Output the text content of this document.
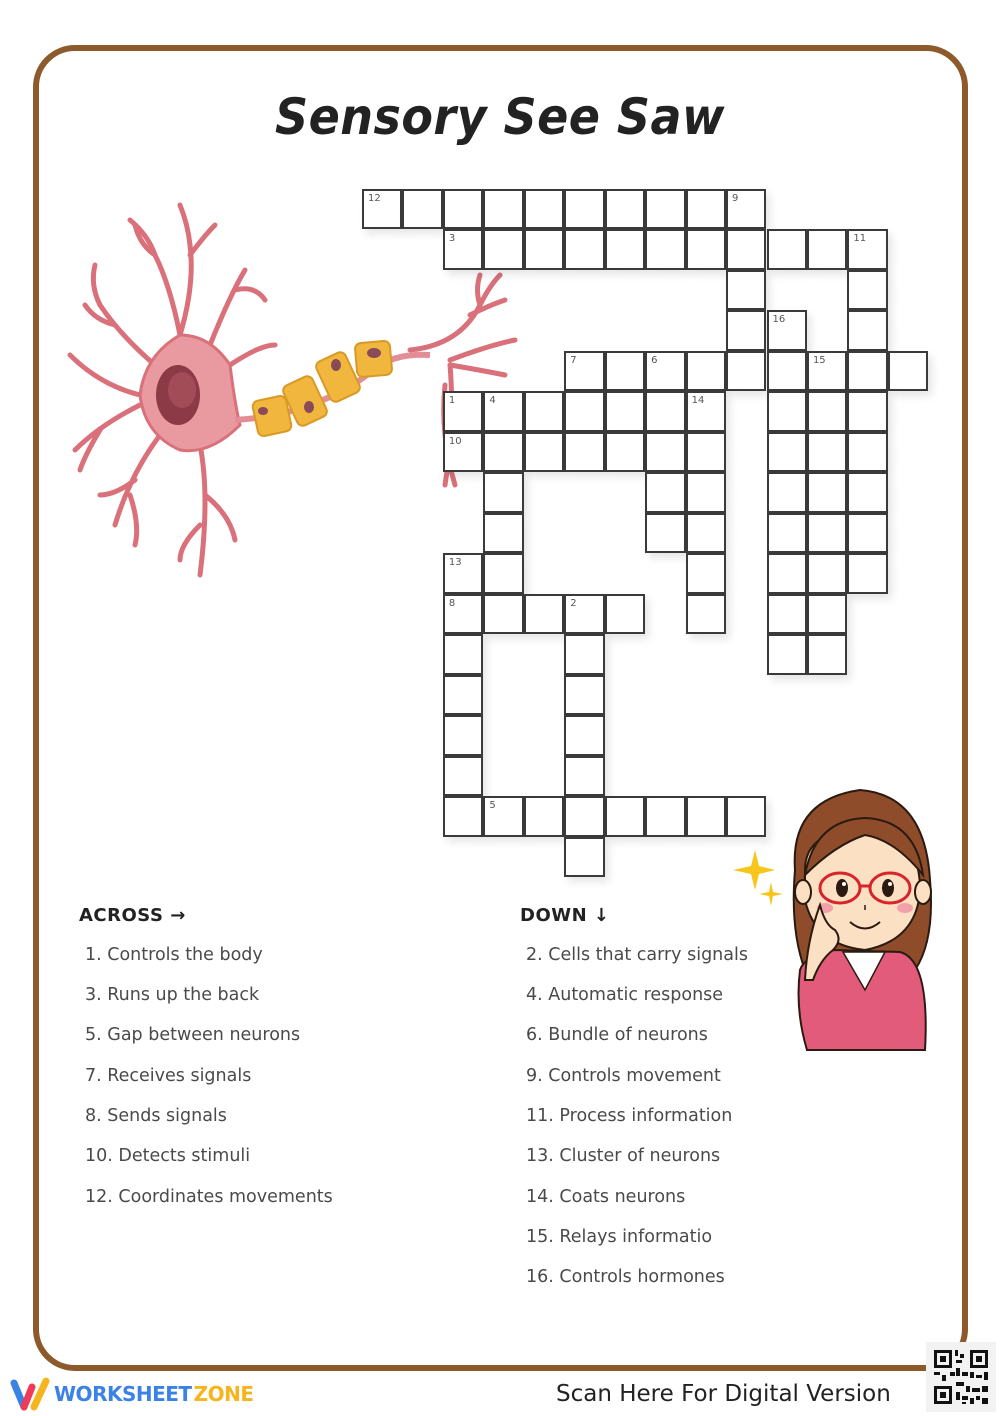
Sensory See Saw
12	9
3	11
16
7	6	15
1	4	14
10
13
8	2
5
ACROSS →	DOWN ↓
1. Controls the body
3. Runs up the back
5. Gap between neurons
7. Receives signals
8. Sends signals
10. Detects stimuli
12. Coordinates movements
2. Cells that carry signals
4. Automatic response
6. Bundle of neurons
9. Controls movement
11. Process information
13. Cluster of neurons
14. Coats neurons
15. Relays informatio
16. Controls hormones
WORKSHEET ZONE	Scan Here For Digital Version
